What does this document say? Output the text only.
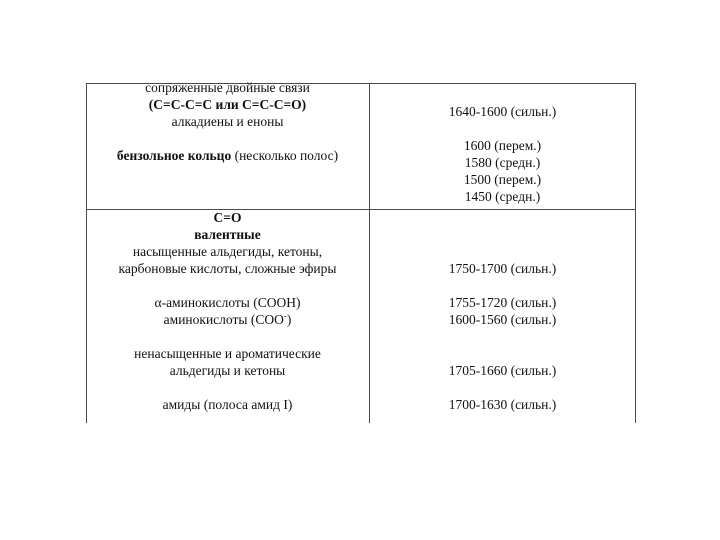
сопряженные двойные связи
(С=С-С=С или С=С-С=О)
алкадиены и еноны
бензольное кольцо (несколько полос)
1640-1600 (сильн.)
1600 (перем.)
1580 (средн.)
1500 (перем.)
1450 (средн.)
С=О
валентные
насыщенные альдегиды, кетоны,
карбоновые кислоты, сложные эфиры
α-аминокислоты (СООН)
аминокислоты (СОО-)
ненасыщенные и ароматические
альдегиды и кетоны
амиды (полоса амид I)
1750-1700 (сильн.)
1755-1720 (сильн.)
1600-1560 (сильн.)
1705-1660 (сильн.)
1700-1630 (сильн.)
